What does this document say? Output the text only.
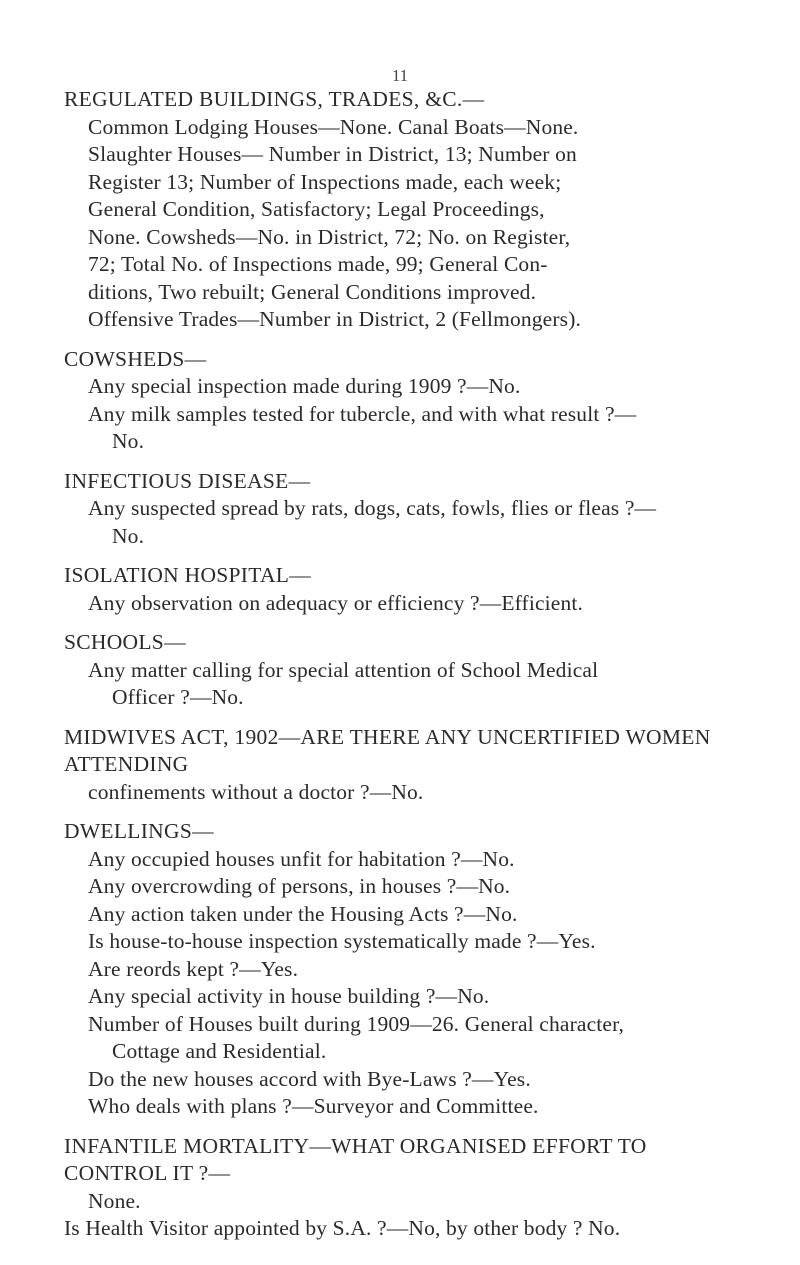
11
REGULATED BUILDINGS, TRADES, &C.—
Common Lodging Houses—None. Canal Boats—None.
Slaughter Houses— Number in District, 13; Number on
Register 13; Number of Inspections made, each week;
General Condition, Satisfactory; Legal Proceedings,
None. Cowsheds—No. in District, 72; No. on Register,
72; Total No. of Inspections made, 99; General Con-
ditions, Two rebuilt; General Conditions improved.
Offensive Trades—Number in District, 2 (Fellmongers).
COWSHEDS—
Any special inspection made during 1909 ?—No.
Any milk samples tested for tubercle, and with what result ?—
No.
INFECTIOUS DISEASE—
Any suspected spread by rats, dogs, cats, fowls, flies or fleas ?—
No.
ISOLATION HOSPITAL—
Any observation on adequacy or efficiency ?—Efficient.
SCHOOLS—
Any matter calling for special attention of School Medical
Officer ?—No.
MIDWIVES ACT, 1902—ARE THERE ANY UNCERTIFIED WOMEN ATTENDING
confinements without a doctor ?—No.
DWELLINGS—
Any occupied houses unfit for habitation ?—No.
Any overcrowding of persons, in houses ?—No.
Any action taken under the Housing Acts ?—No.
Is house-to-house inspection systematically made ?—Yes.
Are reords kept ?—Yes.
Any special activity in house building ?—No.
Number of Houses built during 1909—26. General character,
Cottage and Residential.
Do the new houses accord with Bye-Laws ?—Yes.
Who deals with plans ?—Surveyor and Committee.
INFANTILE MORTALITY—WHAT ORGANISED EFFORT TO CONTROL IT ?—
None.
Is Health Visitor appointed by S.A. ?—No, by other body ? No.
